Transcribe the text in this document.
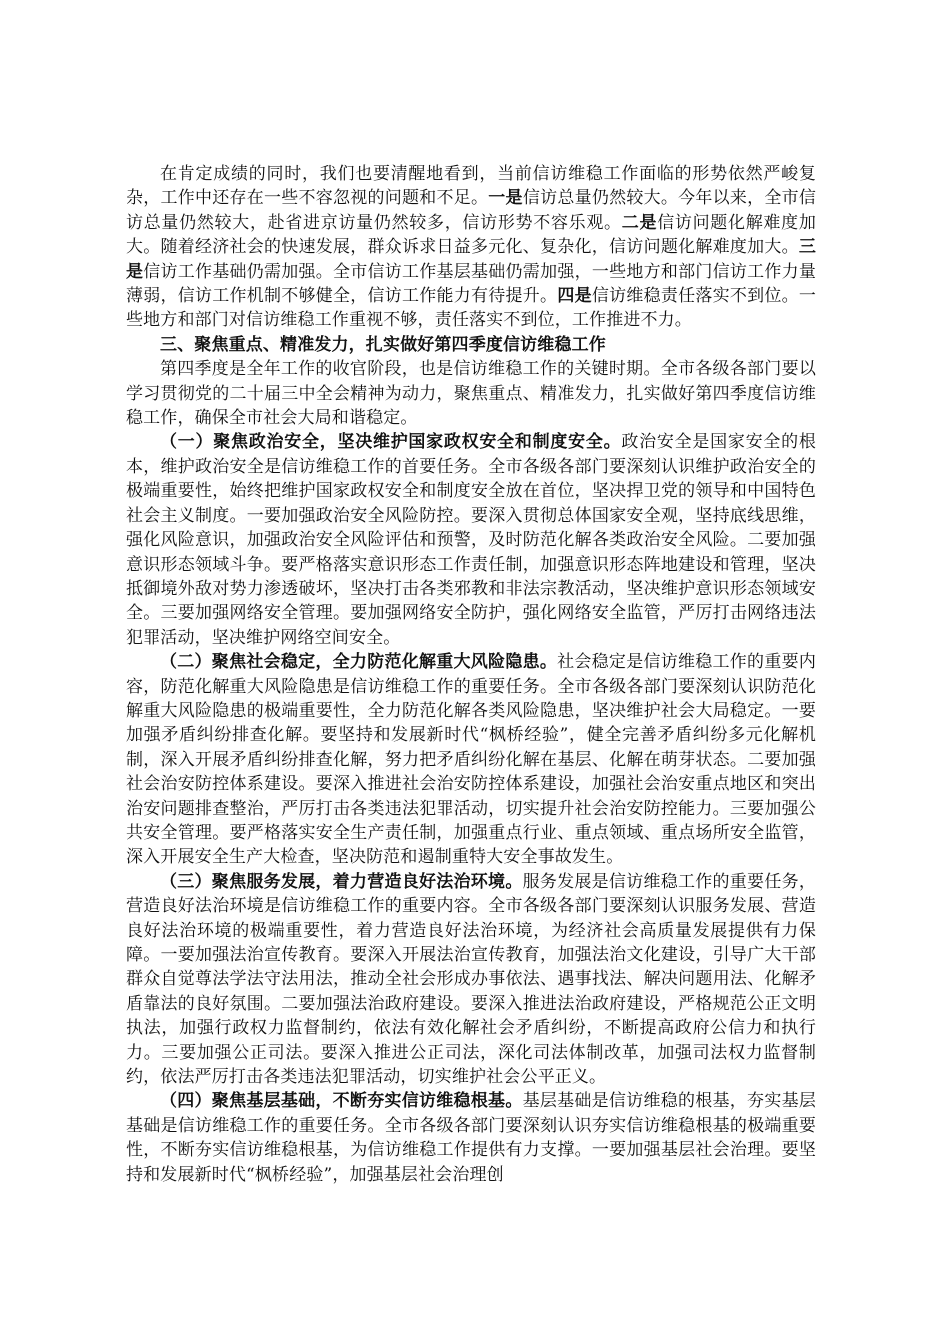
在肯定成绩的同时，我们也要清醒地看到，当前信访维稳工作面临的形势依然严峻复杂，工作中还存在一些不容忽视的问题和不足。一是信访总量仍然较大。今年以来，全市信访总量仍然较大，赴省进京访量仍然较多，信访形势不容乐观。二是信访问题化解难度加大。随着经济社会的快速发展，群众诉求日益多元化、复杂化，信访问题化解难度加大。三是信访工作基础仍需加强。全市信访工作基层基础仍需加强，一些地方和部门信访工作力量薄弱，信访工作机制不够健全，信访工作能力有待提升。四是信访维稳责任落实不到位。一些地方和部门对信访维稳工作重视不够，责任落实不到位，工作推进不力。

三、聚焦重点、精准发力，扎实做好第四季度信访维稳工作

第四季度是全年工作的收官阶段，也是信访维稳工作的关键时期。全市各级各部门要以学习贯彻党的二十届三中全会精神为动力，聚焦重点、精准发力，扎实做好第四季度信访维稳工作，确保全市社会大局和谐稳定。

（一）聚焦政治安全，坚决维护国家政权安全和制度安全。政治安全是国家安全的根本，维护政治安全是信访维稳工作的首要任务。全市各级各部门要深刻认识维护政治安全的极端重要性，始终把维护国家政权安全和制度安全放在首位，坚决捍卫党的领导和中国特色社会主义制度。一要加强政治安全风险防控。要深入贯彻总体国家安全观，坚持底线思维，强化风险意识，加强政治安全风险评估和预警，及时防范化解各类政治安全风险。二要加强意识形态领域斗争。要严格落实意识形态工作责任制，加强意识形态阵地建设和管理，坚决抵御境外敌对势力渗透破坏，坚决打击各类邪教和非法宗教活动，坚决维护意识形态领域安全。三要加强网络安全管理。要加强网络安全防护，强化网络安全监管，严厉打击网络违法犯罪活动，坚决维护网络空间安全。

（二）聚焦社会稳定，全力防范化解重大风险隐患。社会稳定是信访维稳工作的重要内容，防范化解重大风险隐患是信访维稳工作的重要任务。全市各级各部门要深刻认识防范化解重大风险隐患的极端重要性，全力防范化解各类风险隐患，坚决维护社会大局稳定。一要加强矛盾纠纷排查化解。要坚持和发展新时代“枫桥经验”，健全完善矛盾纠纷多元化解机制，深入开展矛盾纠纷排查化解，努力把矛盾纠纷化解在基层、化解在萌芽状态。二要加强社会治安防控体系建设。要深入推进社会治安防控体系建设，加强社会治安重点地区和突出治安问题排查整治，严厉打击各类违法犯罪活动，切实提升社会治安防控能力。三要加强公共安全管理。要严格落实安全生产责任制，加强重点行业、重点领域、重点场所安全监管，深入开展安全生产大检查，坚决防范和遏制重特大安全事故发生。

（三）聚焦服务发展，着力营造良好法治环境。服务发展是信访维稳工作的重要任务，营造良好法治环境是信访维稳工作的重要内容。全市各级各部门要深刻认识服务发展、营造良好法治环境的极端重要性，着力营造良好法治环境，为经济社会高质量发展提供有力保障。一要加强法治宣传教育。要深入开展法治宣传教育，加强法治文化建设，引导广大干部群众自觉尊法学法守法用法，推动全社会形成办事依法、遇事找法、解决问题用法、化解矛盾靠法的良好氛围。二要加强法治政府建设。要深入推进法治政府建设，严格规范公正文明执法，加强行政权力监督制约，依法有效化解社会矛盾纠纷，不断提高政府公信力和执行力。三要加强公正司法。要深入推进公正司法，深化司法体制改革，加强司法权力监督制约，依法严厉打击各类违法犯罪活动，切实维护社会公平正义。

（四）聚焦基层基础，不断夯实信访维稳根基。基层基础是信访维稳的根基，夯实基层基础是信访维稳工作的重要任务。全市各级各部门要深刻认识夯实信访维稳根基的极端重要性，不断夯实信访维稳根基，为信访维稳工作提供有力支撑。一要加强基层社会治理。要坚持和发展新时代“枫桥经验”，加强基层社会治理创
